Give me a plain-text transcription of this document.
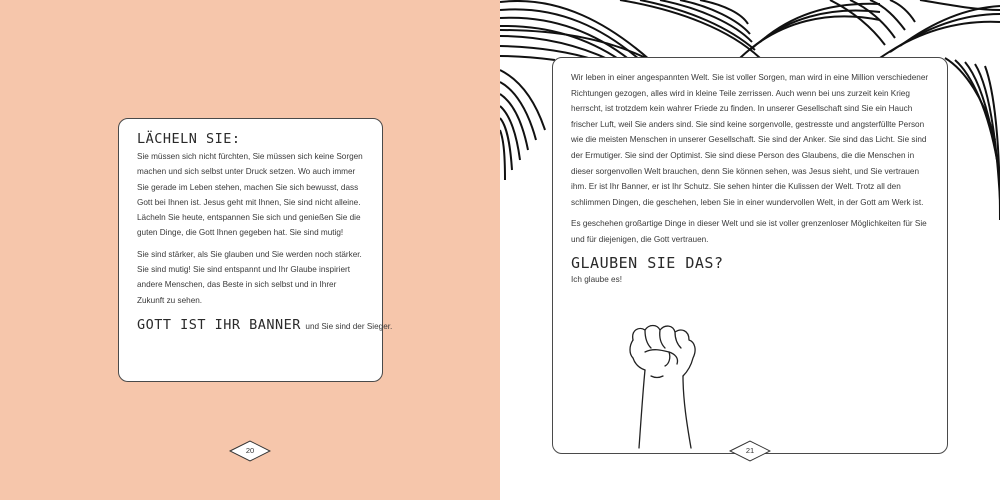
LÄCHELN SIE:

Sie müssen sich nicht fürchten, Sie müssen sich keine Sorgen machen und sich selbst unter Druck setzen. Wo auch immer Sie gerade im Leben stehen, machen Sie sich bewusst, dass Gott bei Ihnen ist. Jesus geht mit Ihnen, Sie sind nicht alleine. Lächeln Sie heute, entspannen Sie sich und genießen Sie die guten Dinge, die Gott Ihnen gegeben hat. Sie sind mutig!

Sie sind stärker, als Sie glauben und Sie werden noch stärker. Sie sind mutig! Sie sind entspannt und Ihr Glaube inspiriert andere Menschen, das Beste in sich selbst und in Ihrer Zukunft zu sehen.

GOTT IST IHR BANNER und Sie sind der Sieger.
20

Wir leben in einer angespannten Welt. Sie ist voller Sorgen, man wird in eine Million verschiedener Richtungen gezogen, alles wird in kleine Teile zerrissen. Auch wenn bei uns zurzeit kein Krieg herrscht, ist trotzdem kein wahrer Friede zu finden. In unserer Gesellschaft sind Sie ein Hauch frischer Luft, weil Sie anders sind. Sie sind keine sorgenvolle, gestresste und angsterfüllte Person wie die meisten Menschen in unserer Gesellschaft. Sie sind der Anker. Sie sind das Licht. Sie sind der Ermutiger. Sie sind der Optimist. Sie sind diese Person des Glaubens, die die Menschen in dieser sorgenvollen Welt brauchen, denn Sie können sehen, was Jesus sieht, und Sie vertrauen ihm. Er ist Ihr Banner, er ist Ihr Schutz. Sie sehen hinter die Kulissen der Welt. Trotz all den schlimmen Dingen, die geschehen, leben Sie in einer wundervollen Welt, in der Gott am Werk ist.

Es geschehen großartige Dinge in dieser Welt und sie ist voller grenzenloser Möglichkeiten für Sie und für diejenigen, die Gott vertrauen.

GLAUBEN SIE DAS?
Ich glaube es!
21
